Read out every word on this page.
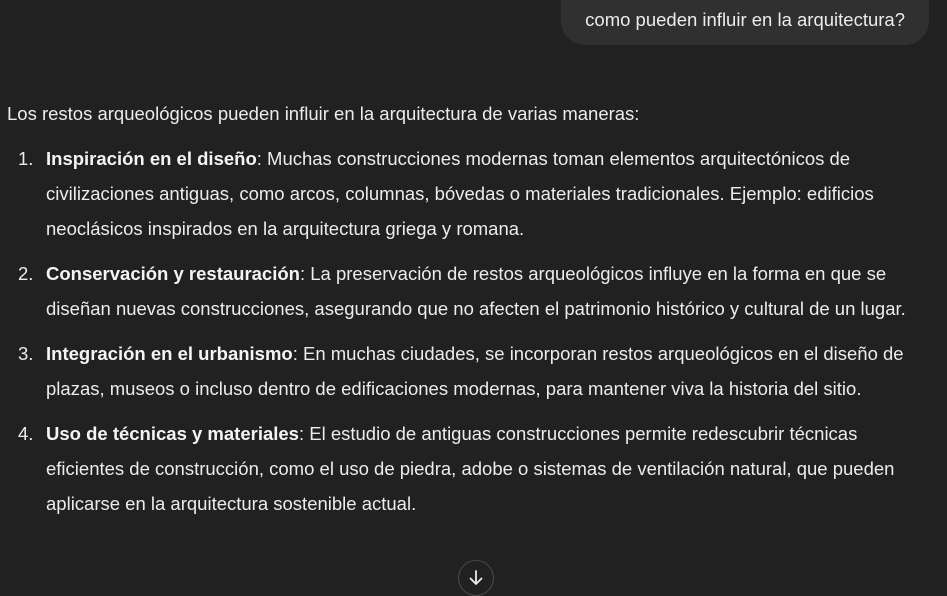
como pueden influir en la arquitectura?

Los restos arqueológicos pueden influir en la arquitectura de varias maneras:

1. Inspiración en el diseño: Muchas construcciones modernas toman elementos arquitectónicos de civilizaciones antiguas, como arcos, columnas, bóvedas o materiales tradicionales. Ejemplo: edificios neoclásicos inspirados en la arquitectura griega y romana.
2. Conservación y restauración: La preservación de restos arqueológicos influye en la forma en que se diseñan nuevas construcciones, asegurando que no afecten el patrimonio histórico y cultural de un lugar.
3. Integración en el urbanismo: En muchas ciudades, se incorporan restos arqueológicos en el diseño de plazas, museos o incluso dentro de edificaciones modernas, para mantener viva la historia del sitio.
4. Uso de técnicas y materiales: El estudio de antiguas construcciones permite redescubrir técnicas eficientes de construcción, como el uso de piedra, adobe o sistemas de ventilación natural, que pueden aplicarse en la arquitectura sostenible actual.
